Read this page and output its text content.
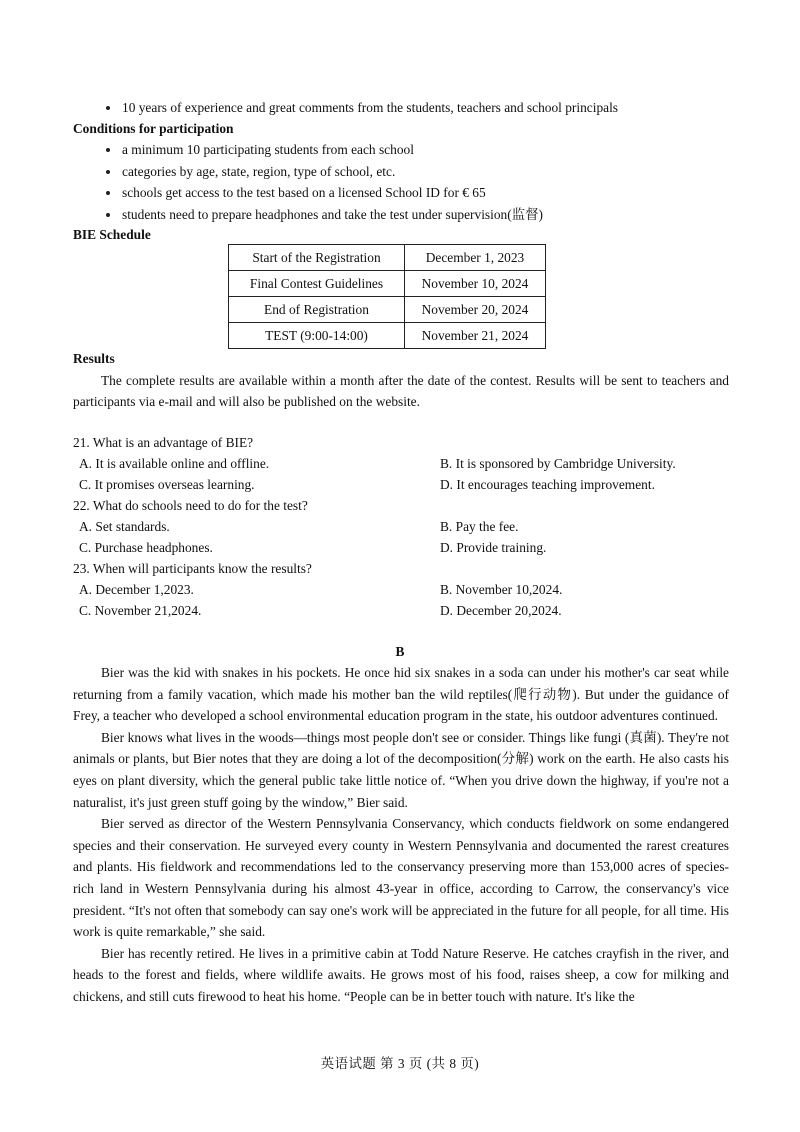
10 years of experience and great comments from the students, teachers and school principals
Conditions for participation
a minimum 10 participating students from each school
categories by age, state, region, type of school, etc.
schools get access to the test based on a licensed School ID for € 65
students need to prepare headphones and take the test under supervision(监督)
BIE Schedule
Start of the Registration	December 1, 2023
Final Contest Guidelines	November 10, 2024
End of Registration	November 20, 2024
TEST (9:00-14:00)	November 21, 2024
Results

The complete results are available within a month after the date of the contest. Results will be sent to teachers and participants via e-mail and will also be published on the website.

21. What is an advantage of BIE?
A. It is available online and offline.	B. It is sponsored by Cambridge University.
C. It promises overseas learning.	D. It encourages teaching improvement.
22. What do schools need to do for the test?
A. Set standards.	B. Pay the fee.
C. Purchase headphones.	D. Provide training.
23. When will participants know the results?
A. December 1,2023.	B. November 10,2024.
C. November 21,2024.	D. December 20,2024.
B

Bier was the kid with snakes in his pockets. He once hid six snakes in a soda can under his mother's car seat while returning from a family vacation, which made his mother ban the wild reptiles(爬行动物). But under the guidance of Frey, a teacher who developed a school environmental education program in the state, his outdoor adventures continued.

Bier knows what lives in the woods—things most people don't see or consider. Things like fungi (真菌). They're not animals or plants, but Bier notes that they are doing a lot of the decomposition(分解) work on the earth. He also casts his eyes on plant diversity, which the general public take little notice of. “When you drive down the highway, if you're not a naturalist, it's just green stuff going by the window,” Bier said.

Bier served as director of the Western Pennsylvania Conservancy, which conducts fieldwork on some endangered species and their conservation. He surveyed every county in Western Pennsylvania and documented the rarest creatures and plants. His fieldwork and recommendations led to the conservancy preserving more than 153,000 acres of species-rich land in Western Pennsylvania during his almost 43-year in office, according to Carrow, the conservancy's vice president. “It's not often that somebody can say one's work will be appreciated in the future for all people, for all time. His work is quite remarkable,” she said.

Bier has recently retired. He lives in a primitive cabin at Todd Nature Reserve. He catches crayfish in the river, and heads to the forest and fields, where wildlife awaits. He grows most of his food, raises sheep, a cow for milking and chickens, and still cuts firewood to heat his home. “People can be in better touch with nature. It's like the

英语试题 第 3 页 (共 8 页)
